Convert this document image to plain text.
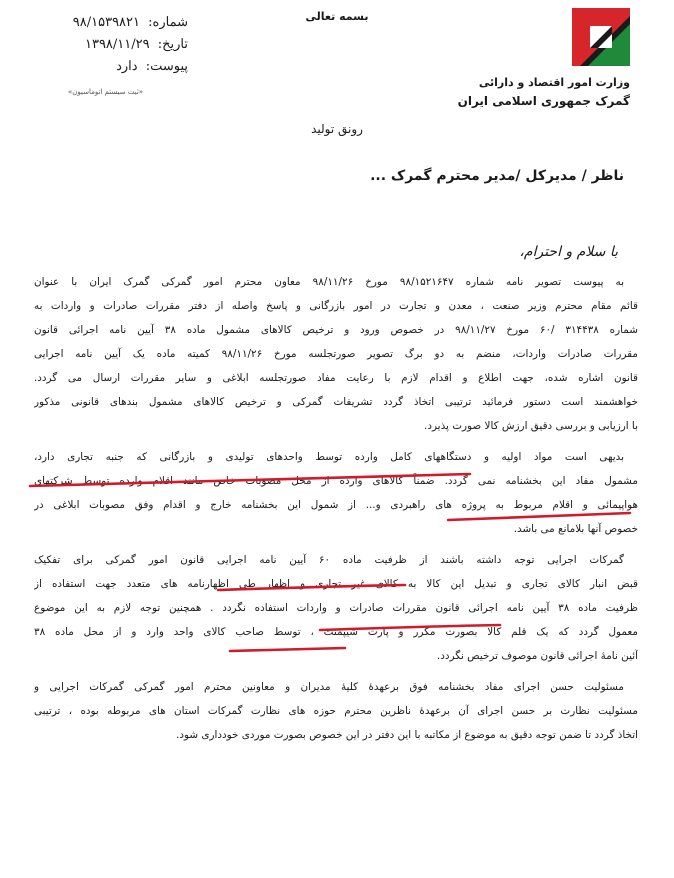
وزارت امور اقتصاد و دارائی
گمرک جمهوری اسلامی ایران
بسمه تعالی
شماره: ۹۸/۱۵۳۹۸۲۱
تاریخ: ۱۳۹۸/۱۱/۲۹
پیوست: دارد
«ثبت سیستم اتوماسیون»
رونق تولید
ناظر / مدیرکل /مدیر محترم گمرک ...
با سلام و احترام،
به پیوست تصویر نامه شماره ۹۸/۱۵۲۱۶۴۷ مورخ ۹۸/۱۱/۲۶ معاون محترم امور گمرکی گمرک ایران با عنوان
قائم مقام محترم وزیر صنعت ، معدن و تجارت در امور بازرگانی و پاسخ واصله از دفتر مقررات صادرات و واردات به
شماره ۳۱۴۴۳۸ /۶۰ مورخ ۹۸/۱۱/۲۷ در خصوص ورود و ترخیص کالاهای مشمول ماده ۳۸ آیین نامه اجرائی قانون
مقررات صادرات واردات، منضم به دو برگ تصویر صورتجلسه مورخ ۹۸/۱۱/۲۶ کمیته ماده یک آیین نامه اجرایی
قانون اشاره شده، جهت اطلاع و اقدام لازم با رعایت مفاد صورتجلسه ابلاغی و سایر مقررات ارسال می گردد.
خواهشمند است دستور فرمائید ترتیبی اتخاذ گردد تشریفات گمرکی و ترخیص کالاهای مشمول بندهای قانونی مذکور
با ارزیابی و بررسی دقیق ارزش کالا صورت پذیرد.
بدیهی است مواد اولیه و دستگاههای کامل وارده توسط واحدهای تولیدی و بازرگانی که جنبه تجاری دارد،
مشمول مفاد این بخشنامه نمی گردد. ضمناً کالاهای وارده از محل مصوبات خاص مانند اقلام وارده توسط شرکتهای
هواپیمائی و اقلام مربوط به پروژه های راهبردی و... از شمول این بخشنامه خارج و اقدام وفق مصوبات ابلاغی در
خصوص آنها بلامانع می باشد.
گمرکات اجرایی توجه داشته باشند از ظرفیت ماده ۶۰ آیین نامه اجرایی قانون امور گمرکی برای تفکیک
قبض انبار کالای تجاری و تبدیل این کالا به کالای غیر تجاری و اظهار طی اظهارنامه های متعدد جهت استفاده از
ظرفیت ماده ۳۸ آیین نامه اجرائی قانون مقررات صادرات و واردات استفاده نگردد . همچنین توجه لازم به این موضوع
معمول گردد که یک قلم کالا بصورت مکرر و پارت شیپمنت ، توسط صاحب کالای واحد وارد و از محل ماده ۳۸
آئین نامۀ اجرائی قانون موصوف ترخیص نگردد.
مسئولیت حسن اجرای مفاد بخشنامه فوق برعهدۀ کلیۀ مدیران و معاونین محترم امور گمرکی گمرکات اجرایی و
مسئولیت نظارت بر حسن اجرای آن برعهدۀ ناظرین محترم حوزه های نظارت گمرکات استان های مربوطه بوده ، ترتیبی
اتخاذ گردد تا ضمن توجه دقیق به موضوع از مکاتبه با این دفتر در این خصوص بصورت موردی خودداری شود.
